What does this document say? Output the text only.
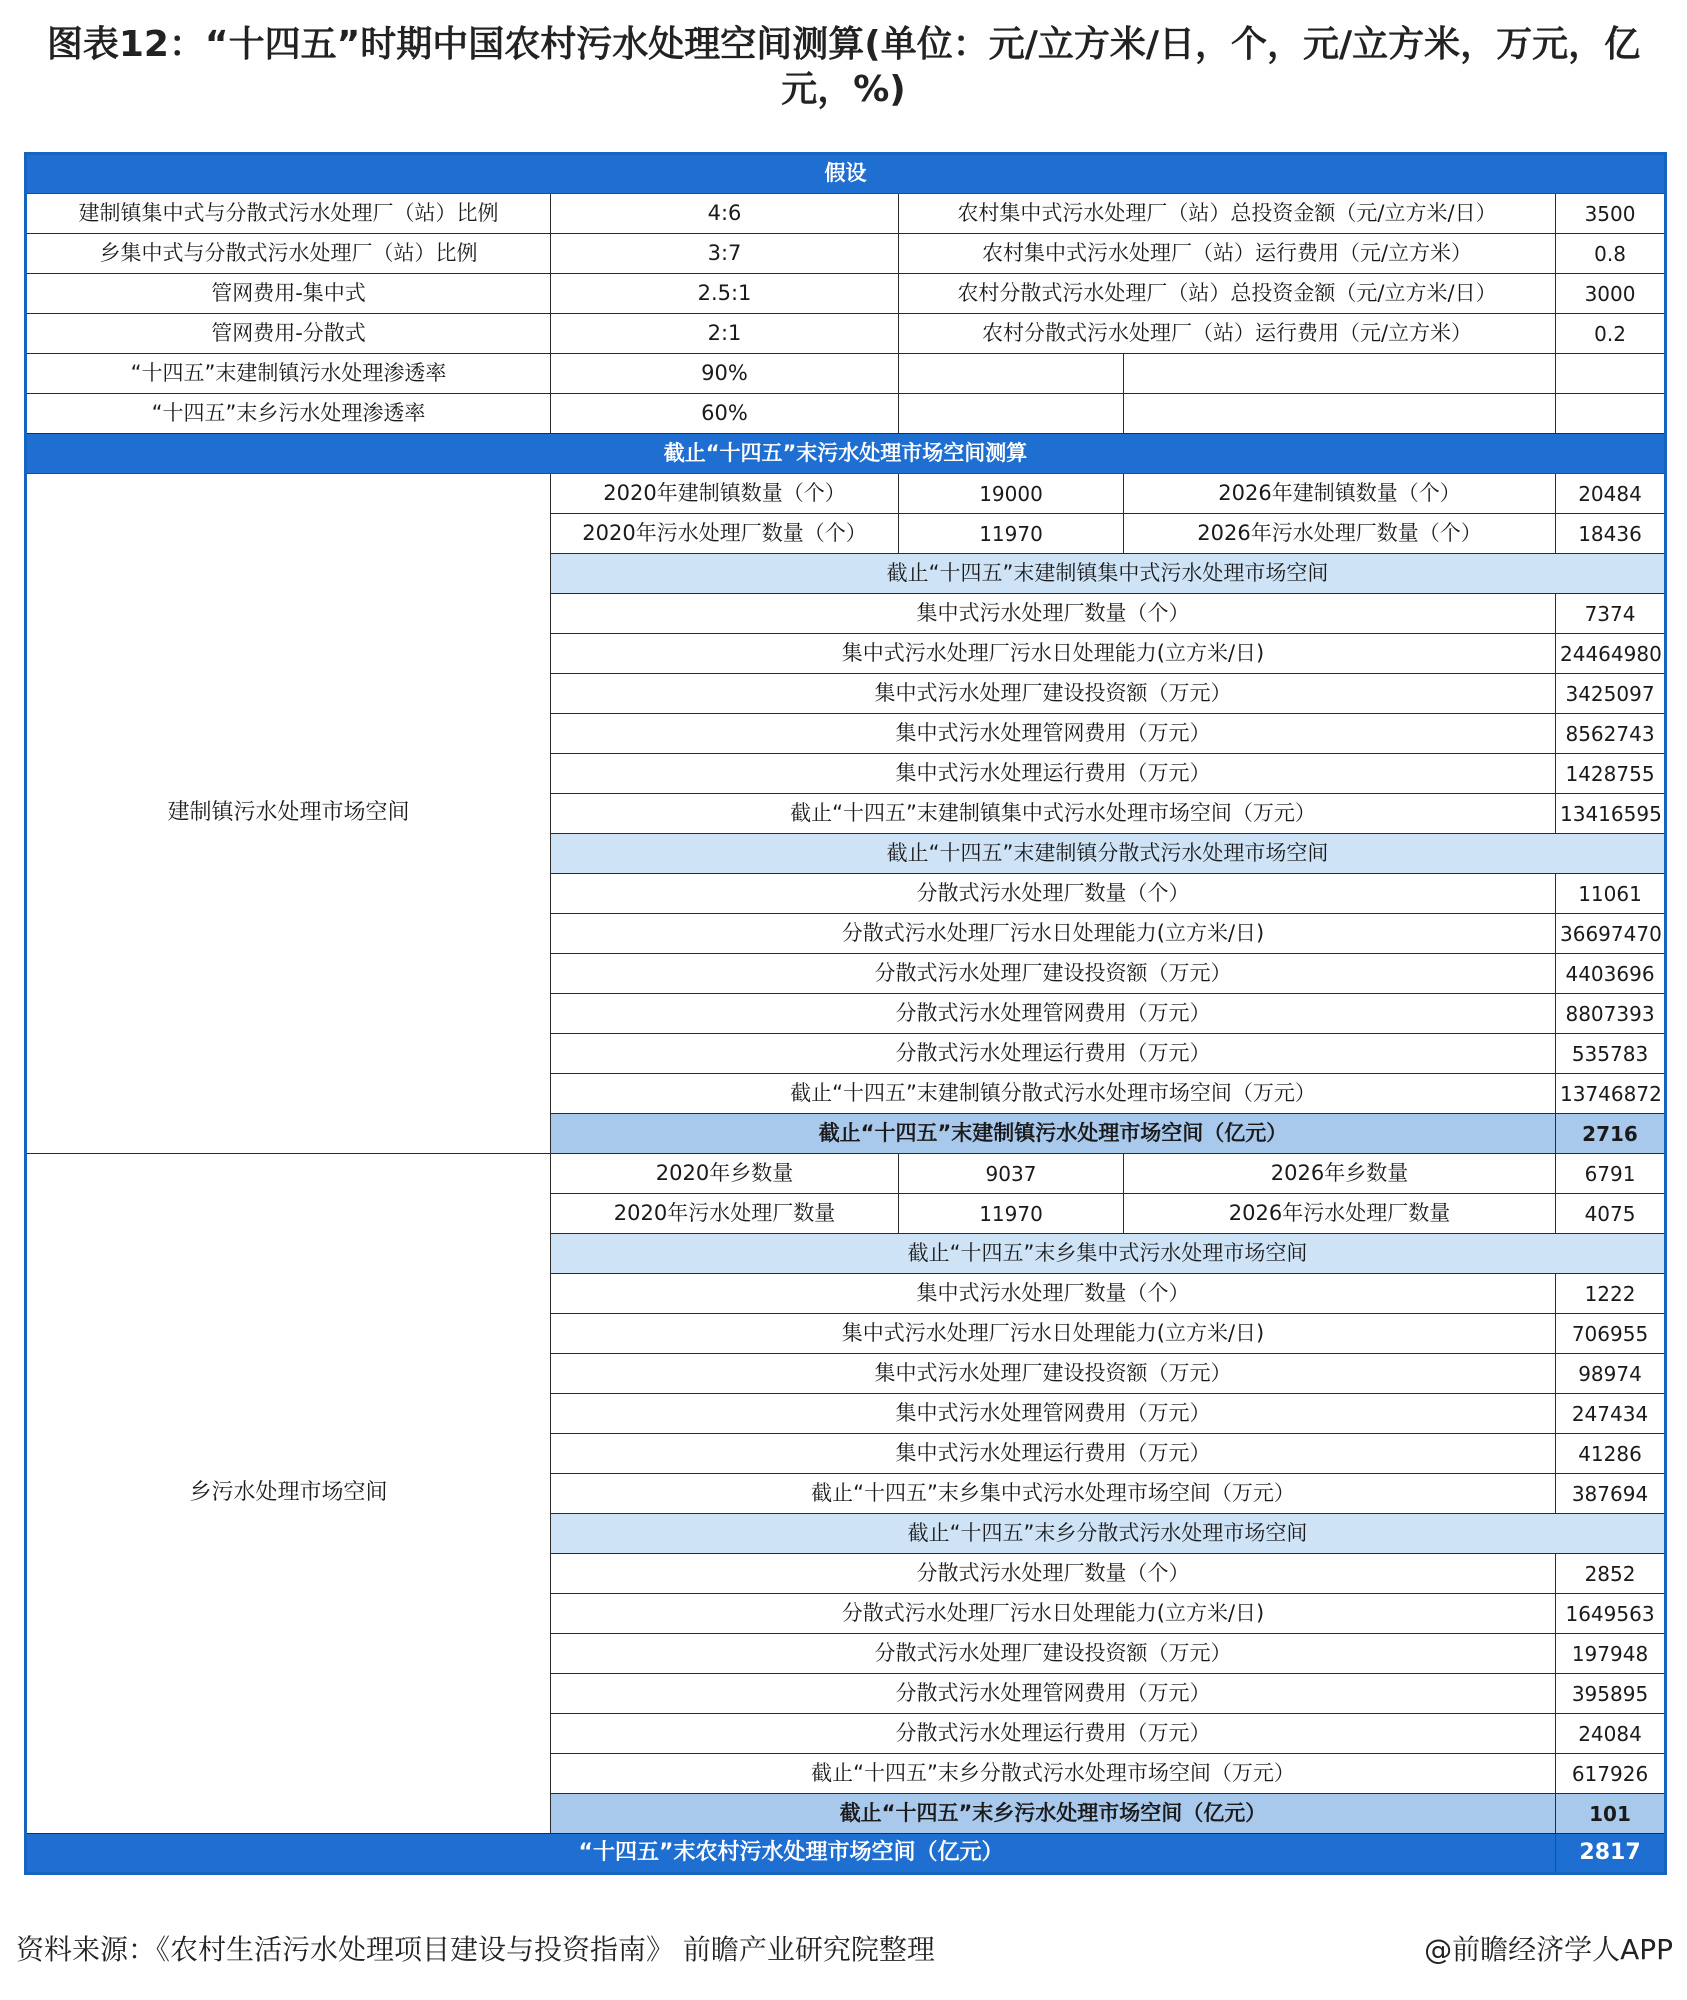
图表12：“十四五”时期中国农村污水处理空间测算(单位：元/立方米/日，个，元/立方米，万元，亿元，%)
假设				
建制镇集中式与分散式污水处理厂（站）比例	4:6	农村集中式污水处理厂（站）总投资金额（元/立方米/日）		3500
乡集中式与分散式污水处理厂（站）比例	3:7	农村集中式污水处理厂（站）运行费用（元/立方米）		0.8
管网费用-集中式	2.5:1	农村分散式污水处理厂（站）总投资金额（元/立方米/日）		3000
管网费用-分散式	2:1	农村分散式污水处理厂（站）运行费用（元/立方米）		0.2
“十四五”末建制镇污水处理渗透率	90%			
“十四五”末乡污水处理渗透率	60%			
截止“十四五”末污水处理市场空间测算				
建制镇污水处理市场空间	2020年建制镇数量（个）	19000	2026年建制镇数量（个）	20484
	2020年污水处理厂数量（个）	11970	2026年污水处理厂数量（个）	18436
	截止“十四五”末建制镇集中式污水处理市场空间			
	集中式污水处理厂数量（个）			7374
	集中式污水处理厂污水日处理能力(立方米/日)			24464980
	集中式污水处理厂建设投资额（万元）			3425097
	集中式污水处理管网费用（万元）			8562743
	集中式污水处理运行费用（万元）			1428755
	截止“十四五”末建制镇集中式污水处理市场空间（万元）			13416595
	截止“十四五”末建制镇分散式污水处理市场空间			
	分散式污水处理厂数量（个）			11061
	分散式污水处理厂污水日处理能力(立方米/日)			36697470
	分散式污水处理厂建设投资额（万元）			4403696
	分散式污水处理管网费用（万元）			8807393
	分散式污水处理运行费用（万元）			535783
	截止“十四五”末建制镇分散式污水处理市场空间（万元）			13746872
	截止“十四五”末建制镇污水处理市场空间（亿元）			2716
乡污水处理市场空间	2020年乡数量	9037	2026年乡数量	6791
	2020年污水处理厂数量	11970	2026年污水处理厂数量	4075
	截止“十四五”末乡集中式污水处理市场空间			
	集中式污水处理厂数量（个）			1222
	集中式污水处理厂污水日处理能力(立方米/日)			706955
	集中式污水处理厂建设投资额（万元）			98974
	集中式污水处理管网费用（万元）			247434
	集中式污水处理运行费用（万元）			41286
	截止“十四五”末乡集中式污水处理市场空间（万元）			387694
	截止“十四五”末乡分散式污水处理市场空间			
	分散式污水处理厂数量（个）			2852
	分散式污水处理厂污水日处理能力(立方米/日)			1649563
	分散式污水处理厂建设投资额（万元）			197948
	分散式污水处理管网费用（万元）			395895
	分散式污水处理运行费用（万元）			24084
	截止“十四五”末乡分散式污水处理市场空间（万元）			617926
	截止“十四五”末乡污水处理市场空间（亿元）			101
“十四五”末农村污水处理市场空间（亿元）				2817
资料来源：《农村生活污水处理项目建设与投资指南》 前瞻产业研究院整理	@前瞻经济学人APP
